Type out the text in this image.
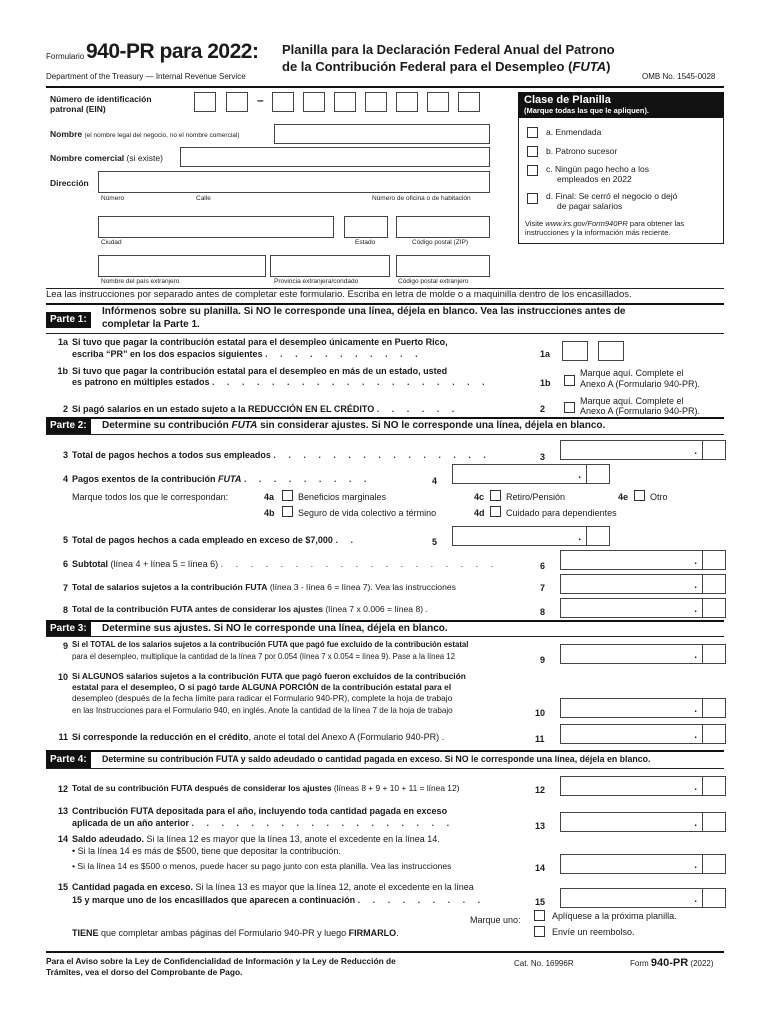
Formulario 940-PR para 2022: Planilla para la Declaración Federal Anual del Patrono
de la Contribución Federal para el Desempleo (FUTA)
Department of the Treasury — Internal Revenue Service	OMB No. 1545-0028
Número de identificación patronal (EIN)
–
Nombre (el nombre legal del negocio, no el nombre comercial)
Nombre comercial (si existe)
Dirección
Número	Calle	Número de oficina o de habitación
Ciudad	Estado	Código postal (ZIP)
Nombre del país extranjero	Provincia extranjera/condado	Código postal extranjero
Clase de Planilla
(Marque todas las que le apliquen).
a. Enmendada
b. Patrono sucesor
c. Ningún pago hecho a los
empleados en 2022
d. Final: Se cerró el negocio o dejó
de pagar salarios
Visite www.irs.gov/Form940PR para obtener las
instrucciones y la información más reciente.
Lea las instrucciones por separado antes de completar este formulario. Escriba en letra de molde o a maquinilla dentro de los encasillados.
Parte 1:
Infórmenos sobre su planilla. Si NO le corresponde una línea, déjela en blanco. Vea las instrucciones antes de
completar la Parte 1.
1a Si tuvo que pagar la contribución estatal para el desempleo únicamente en Puerto Rico,
escriba “PR” en los dos espacios siguientes . . . . . . . . . . .	1a
1b Si tuvo que pagar la contribución estatal para el desempleo en más de un estado, usted
es patrono en múltiples estados . . . . . . . . . . . . . . . . . . .	1b
Marque aquí. Complete el
Anexo A (Formulario 940-PR).
2 Si pagó salarios en un estado sujeto a la REDUCCIÓN EN EL CRÉDITO . . . . . .	2
Marque aquí. Complete el
Anexo A (Formulario 940-PR).
Parte 2:	Determine su contribución FUTA sin considerar ajustes. Si NO le corresponde una línea, déjela en blanco.
3 Total de pagos hechos a todos sus empleados . . . . . . . . . . . . . . .	3	.
4 Pagos exentos de la contribución FUTA . . . . . . . . .	4	.
Marque todos los que le correspondan:	4a	Beneficios marginales
4b	Seguro de vida colectivo a término
4c Retiro/Pensión
4d Cuidado para dependientes
4e Otro
5 Total de pagos hechos a cada empleado en exceso de $7,000 . .	5	.
6 Subtotal (línea 4 + línea 5 = línea 6) . . . . . . . . . . . . . . . . . . .	6	.
7 Total de salarios sujetos a la contribución FUTA (línea 3 - línea 6 = línea 7). Vea las instrucciones	7	.
8 Total de la contribución FUTA antes de considerar los ajustes (línea 7 x 0.006 = línea 8) .	8	.
Parte 3:	Determine sus ajustes. Si NO le corresponde una línea, déjela en blanco.
9 Si el TOTAL de los salarios sujetos a la contribución FUTA que pagó fue excluido de la contribución estatal
para el desempleo, multiplique la cantidad de la línea 7 por 0.054 (línea 7 x 0.054 = línea 9). Pase a la línea 12	9	.
10 Si ALGUNOS salarios sujetos a la contribución FUTA que pagó fueron excluidos de la contribución
estatal para el desempleo, O si pagó tarde ALGUNA PORCIÓN de la contribución estatal para el
desempleo (después de la fecha límite para radicar el Formulario 940-PR), complete la hoja de trabajo
en las Instrucciones para el Formulario 940, en inglés. Anote la cantidad de la línea 7 de la hoja de trabajo	10	.
11 Si corresponde la reducción en el crédito, anote el total del Anexo A (Formulario 940-PR) .	11	.
Parte 4:	Determine su contribución FUTA y saldo adeudado o cantidad pagada en exceso. Si NO le corresponde una línea, déjela en blanco.
12 Total de su contribución FUTA después de considerar los ajustes (líneas 8 + 9 + 10 + 11 = línea 12)	12	.
13 Contribución FUTA depositada para el año, incluyendo toda cantidad pagada en exceso
aplicada de un año anterior . . . . . . . . . . . . . . . . . .	13	.
14 Saldo adeudado. Si la línea 12 es mayor que la línea 13, anote el excedente en la línea 14.
• Si la línea 14 es más de $500, tiene que depositar la contribución.
• Si la línea 14 es $500 o menos, puede hacer su pago junto con esta planilla. Vea las instrucciones	14	.
15 Cantidad pagada en exceso. Si la línea 13 es mayor que la línea 12, anote el excedente en la línea
15 y marque uno de los encasillados que aparecen a continuación . . . . . . . . .	15	.
Marque uno:	Aplíquese a la próxima planilla.
Envíe un reembolso.
TIENE que completar ambas páginas del Formulario 940-PR y luego FIRMARLO.
Para el Aviso sobre la Ley de Confidencialidad de Información y la Ley de Reducción de
Trámites, vea el dorso del Comprobante de Pago.
Cat. No. 16996R	Form 940-PR (2022)
